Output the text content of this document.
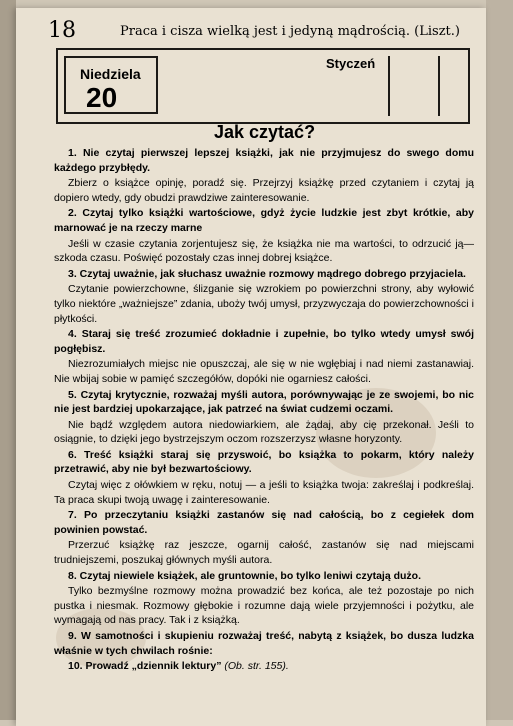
18	Praca i cisza wielką jest i jedyną mądrością. (Liszt.)
Niedziela
20
Styczeń
Jak czytać?

1. Nie czytaj pierwszej lepszej książki, jak nie przyjmujesz do swego domu każdego przybłędy.

Zbierz o książce opinję, poradź się. Przejrzyj książkę przed czytaniem i czytaj ją dopiero wtedy, gdy obudzi prawdziwe zainteresowanie.

2. Czytaj tylko książki wartościowe, gdyż życie ludzkie jest zbyt krótkie, aby marnować je na rzeczy marne

Jeśli w czasie czytania zorjentujesz się, że książka nie ma wartości, to odrzucić ją—szkoda czasu. Poświęć pozostały czas innej dobrej książce.

3. Czytaj uważnie, jak słuchasz uważnie rozmowy mądrego dobrego przyjaciela.

Czytanie powierzchowne, ślizganie się wzrokiem po powierzchni strony, aby wyłowić tylko niektóre „ważniejsze” zdania, uboży twój umysł, przyzwyczaja do powierzchowności i płytkości.

4. Staraj się treść zrozumieć dokładnie i zupełnie, bo tylko wtedy umysł swój pogłębisz.

Niezrozumiałych miejsc nie opuszczaj, ale się w nie wgłębiaj i nad niemi zastanawiaj. Nie wbijaj sobie w pamięć szczegółów, dopóki nie ogarniesz całości.

5. Czytaj krytycznie, rozważaj myśli autora, porównywając je ze swojemi, bo nic nie jest bardziej upokarzające, jak patrzeć na świat cudzemi oczami.

Nie bądź względem autora niedowiarkiem, ale żądaj, aby cię przekonał. Jeśli to osiągnie, to dzięki jego bystrzejszym oczom rozszerzysz własne horyzonty.

6. Treść książki staraj się przyswoić, bo książka to pokarm, który należy przetrawić, aby nie był bezwartościowy.

Czytaj więc z ołówkiem w ręku, notuj — a jeśli to książka twoja: zakreślaj i podkreślaj. Ta praca skupi twoją uwagę i zainteresowanie.

7. Po przeczytaniu książki zastanów się nad całością, bo z cegiełek dom powinien powstać.

Przerzuć książkę raz jeszcze, ogarnij całość, zastanów się nad miejscami trudniejszemi, poszukaj głównych myśli autora.

8. Czytaj niewiele książek, ale gruntownie, bo tylko leniwi czytają dużo.

Tylko bezmyślne rozmowy można prowadzić bez końca, ale też pozostaje po nich pustka i niesmak. Rozmowy głębokie i rozumne dają wiele przyjemności i pożytku, ale wymagają od nas pracy. Tak i z książką.

9. W samotności i skupieniu rozważaj treść, nabytą z książek, bo dusza ludzka właśnie w tych chwilach rośnie:

10. Prowadź „dziennik lektury” (Ob. str. 155).
